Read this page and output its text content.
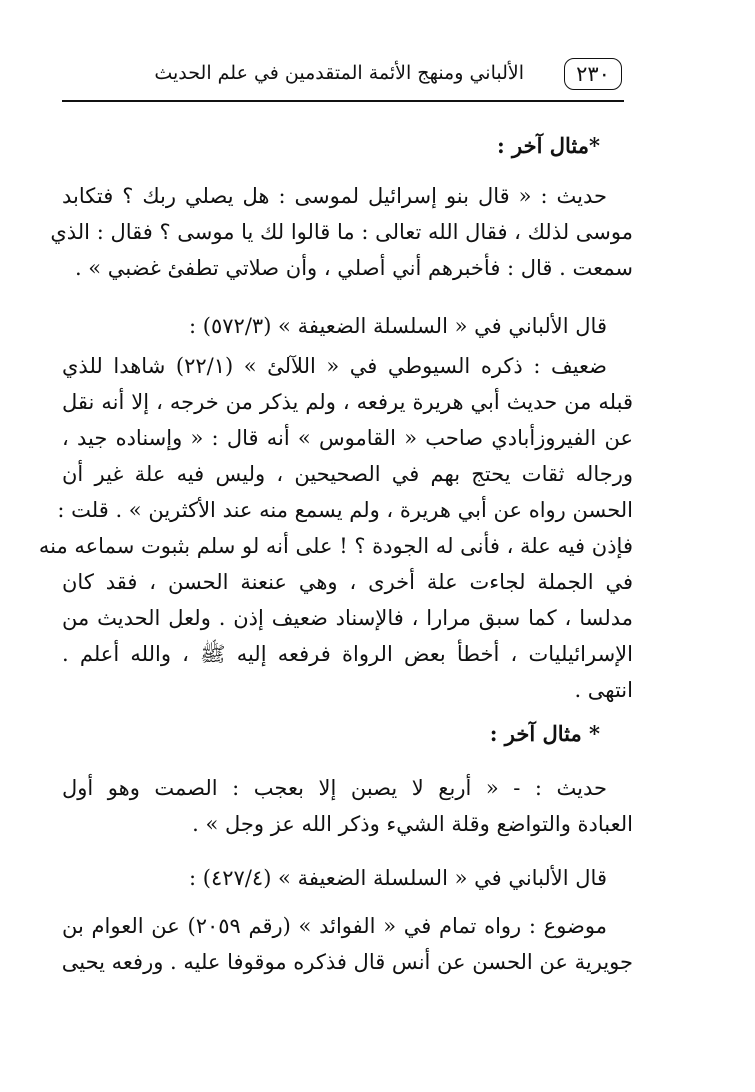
٢٣٠
الألباني ومنهج الأئمة المتقدمين في علم الحديث
*مثال آخر :
حديث : « قال بنو إسرائيل لموسى : هل يصلي ربك ؟ فتكابد
موسى لذلك ، فقال الله تعالى : ما قالوا لك يا موسى ؟ فقال : الذي
سمعت . قال : فأخبرهم أني أصلي ، وأن صلاتي تطفئ غضبي » .
قال الألباني في « السلسلة الضعيفة » (٥٧٢/٣) :
ضعيف : ذكره السيوطي في « اللآلئ » (٢٢/١) شاهدا للذي
قبله من حديث أبي هريرة يرفعه ، ولم يذكر من خرجه ، إلا أنه نقل
عن الفيروزأبادي صاحب « القاموس » أنه قال : « وإسناده جيد ،
ورجاله ثقات يحتج بهم في الصحيحين ، وليس فيه علة غير أن
الحسن رواه عن أبي هريرة ، ولم يسمع منه عند الأكثرين » . قلت :
فإذن فيه علة ، فأنى له الجودة ؟ ! على أنه لو سلم بثبوت سماعه منه
في الجملة لجاءت علة أخرى ، وهي عنعنة الحسن ، فقد كان
مدلسا ، كما سبق مرارا ، فالإسناد ضعيف إذن . ولعل الحديث من
الإسرائيليات ، أخطأ بعض الرواة فرفعه إليه ﷺ ، والله أعلم .
انتهى .
* مثال آخر :
حديث : - « أربع لا يصبن إلا بعجب : الصمت وهو أول
العبادة والتواضع وقلة الشيء وذكر الله عز وجل » .
قال الألباني في « السلسلة الضعيفة » (٤٢٧/٤) :
موضوع : رواه تمام في « الفوائد » (رقم ٢٠٥٩) عن العوام بن
جويرية عن الحسن عن أنس قال فذكره موقوفا عليه . ورفعه يحيى
